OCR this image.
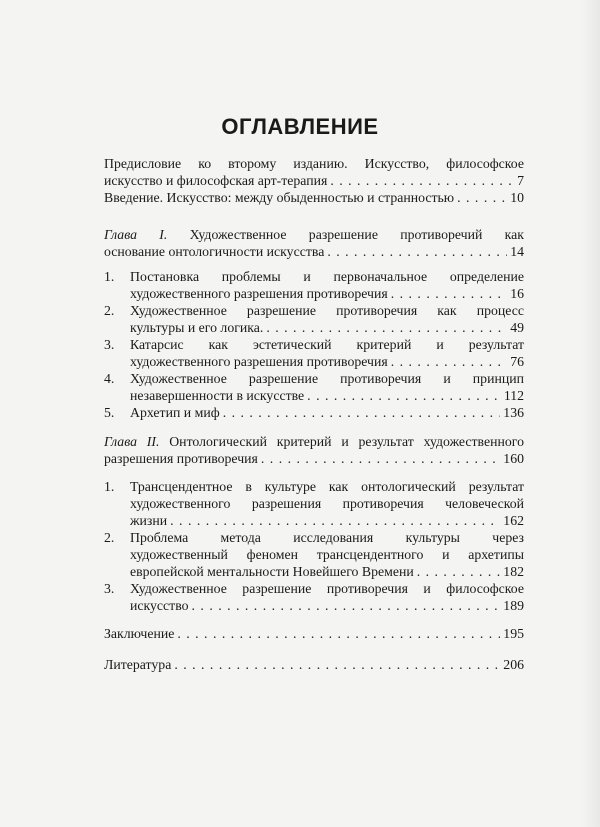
ОГЛАВЛЕНИЕ
Предисловие ко второму изданию. Искусство, философское
искусство и философская арт-терапия . . .	7
Введение. Искусство: между обыденностью и странностью . . .	10
Глава I. Художественное разрешение противоречий как
основание онтологичности искусства . . .	14
1. Постановка проблемы и первоначальное определение
художественного разрешения противоречия . . .	16
2. Художественное разрешение противоречия как процесс
культуры и его логика. . . .	49
3. Катарсис как эстетический критерий и результат
художественного разрешения противоречия . . .	76
4. Художественное разрешение противоречия и принцип
незавершенности в искусстве . . .	112
5. Архетип и миф . . .	136
Глава II. Онтологический критерий и результат художественного
разрешения противоречия . . .	160
1. Трансцендентное в культуре как онтологический результат
художественного разрешения противоречия человеческой
жизни . . .	162
2. Проблема метода исследования культуры через
художественный феномен трансцендентного и архетипы
европейской ментальности Новейшего Времени . . .	182
3. Художественное разрешение противоречия и философское
искусство . . .	189
Заключение . . .	195
Литература . . .	206
